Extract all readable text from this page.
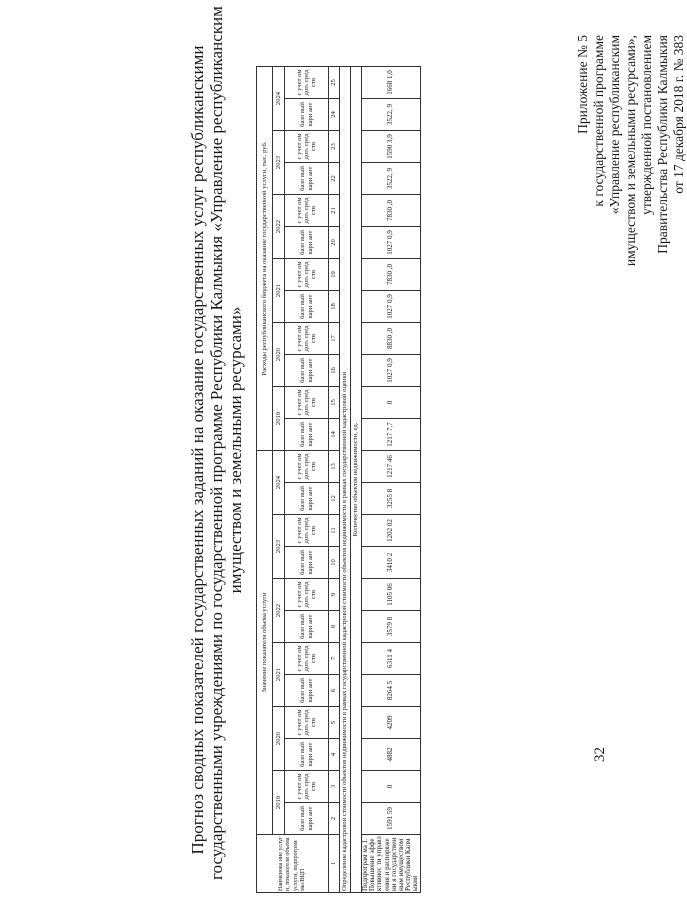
Приложение № 5 к государственной программе «Управление республиканским имуществом и земельными ресурсами», утвержденной постановлением Правительства Республики Калмыкия от 17 декабря 2018 г. № 383
Прогноз сводных показателей государственных заданий на оказание государственных услуг республиканскими государственными учреждениями по государственной программе Республики Калмыкия «Управление республиканским имуществом и земельными ресурсами»
32
Наименова ние услуги, показателя объема услуги, подпрограм мы/ВЦП	Значение показателя объема услуги												Расходы республиканского бюджета на оказание государственной услуги, тыс. руб.											
	2019		2020		2021		2022		2023		2024		2019		2020		2021		2022		2023		2024	
	базо вый вари ант	с учет ом доп. сред ств	базо вый вари ант	с учет ом доп. сред ств	базо вый вари ант	с учет ом доп. сред ств	базо вый вари ант	с учет ом доп. сред ств	базо вый вари ант	с учет ом доп. сред ств	базо вый вари ант	с учет ом доп. сред ств	базо вый вари ант	с учет ом доп. сред ств	базо вый вари ант	с учет ом доп. сред ств	базо вый вари ант	с учет ом доп. сред ств	базо вый вари ант	с учет ом доп. сред ств	базо вый вари ант	с учет ом доп. сред ств	базо вый вари ант	с учет ом доп. сред ств
1	2	3	4	5	6	7	8	9	10	11	12	13	14	15	16	17	18	19	20	21	22	23	24	25
Определение кадастровой стоимости объектов недвижимости в рамках государственной кадастровой стоимости объектов недвижимости в рамках государственной кадастровой оценки																								
Количество объектов недвижимости, ед.																								
Подпрограм ма 1. Повышение эффективнос ти управления и распоряжени я государствен ным имуществом Республики Калмыкия	1591 59	0	4882	4209	8264 5	6311 4	3579 8	1105 06	3410 2	1202 02	3255 8	1217 46	1217 7,7	0	1027 0,9	8830 ,0	1027 0,9	7830 ,0	1027 0,9	7830 ,0	3522, 9	1590 3,9	3522, 9	1668 1,0
